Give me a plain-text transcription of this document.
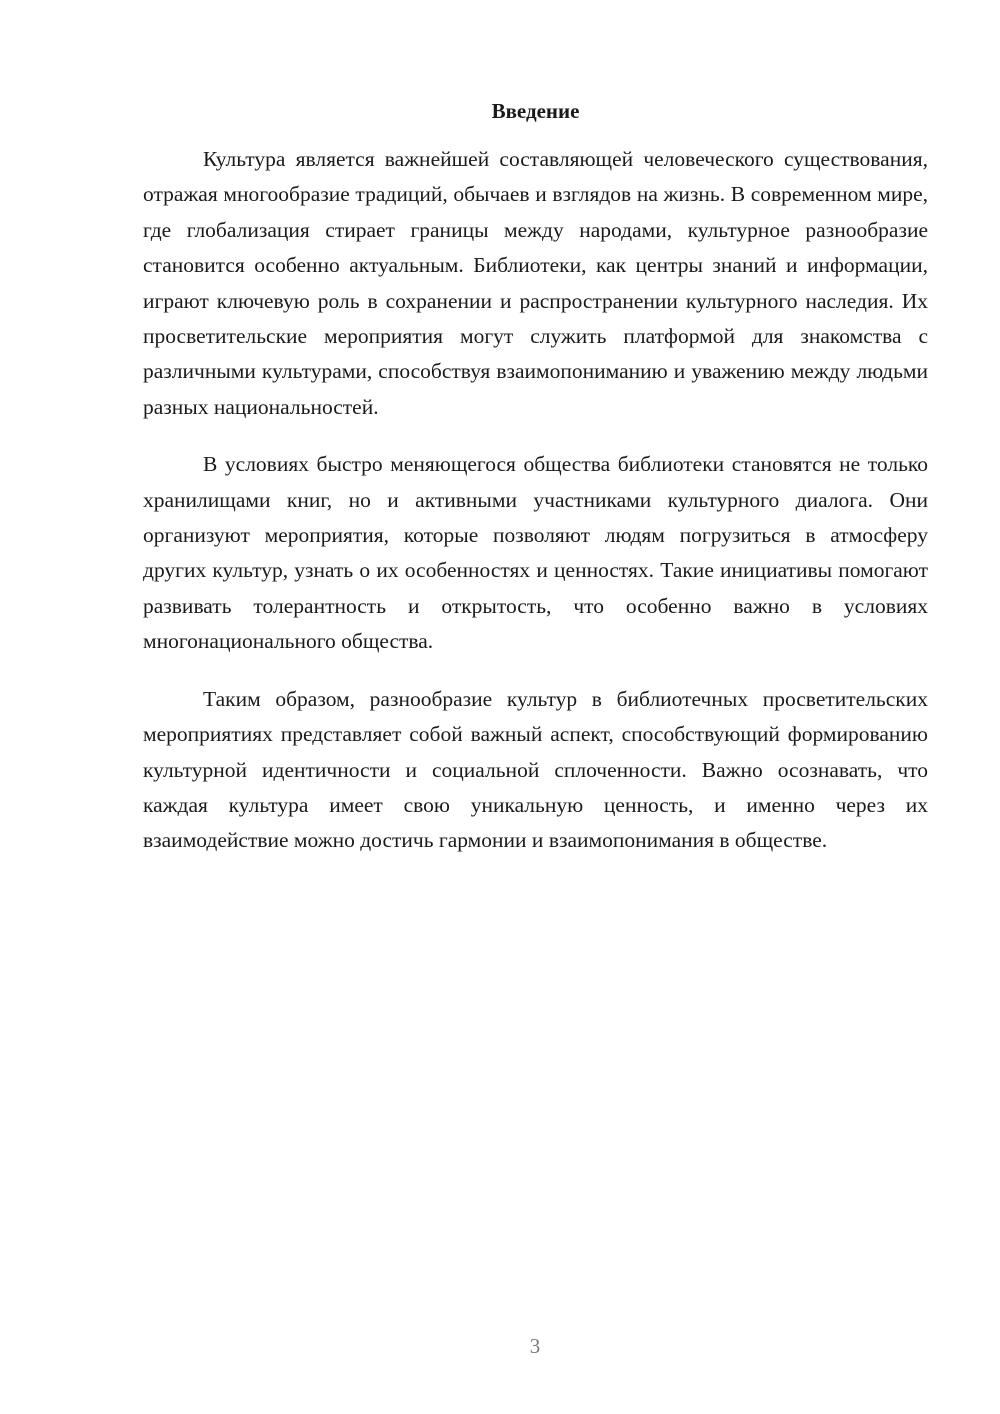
Введение

Культура является важнейшей составляющей человеческого существования, отражая многообразие традиций, обычаев и взглядов на жизнь. В современном мире, где глобализация стирает границы между народами, культурное разнообразие становится особенно актуальным. Библиотеки, как центры знаний и информации, играют ключевую роль в сохранении и распространении культурного наследия. Их просветительские мероприятия могут служить платформой для знакомства с различными культурами, способствуя взаимопониманию и уважению между людьми разных национальностей.

В условиях быстро меняющегося общества библиотеки становятся не только хранилищами книг, но и активными участниками культурного диалога. Они организуют мероприятия, которые позволяют людям погрузиться в атмосферу других культур, узнать о их особенностях и ценностях. Такие инициативы помогают развивать толерантность и открытость, что особенно важно в условиях многонационального общества.

Таким образом, разнообразие культур в библиотечных просветительских мероприятиях представляет собой важный аспект, способствующий формированию культурной идентичности и социальной сплоченности. Важно осознавать, что каждая культура имеет свою уникальную ценность, и именно через их взаимодействие можно достичь гармонии и взаимопонимания в обществе.

3
